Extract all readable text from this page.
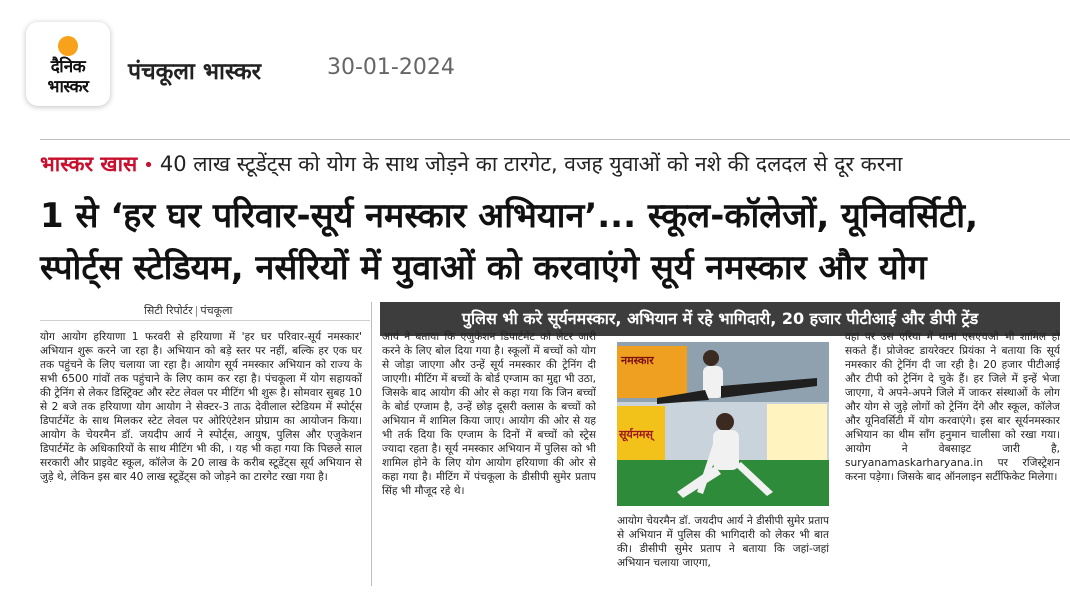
दैनिक
भास्कर
पंचकूला भास्कर	30-01-2024
भास्कर खास • 40 लाख स्टूडेंट्स को योग के साथ जोड़ने का टारगेट, वजह युवाओं को नशे की दलदल से दूर करना
1 से ‘हर घर परिवार-सूर्य नमस्कार अभियान’... स्कूल-कॉलेजों, यूनिवर्सिटी,
स्पोर्ट्स स्टेडियम, नर्सरियों में युवाओं को करवाएंगे सूर्य नमस्कार और योग
सिटी रिपोर्टर | पंचकूला
योग आयोग हरियाणा 1 फरवरी से हरियाणा में 'हर घर परिवार-सूर्य नमस्कार' अभियान शुरू करने जा रहा है। अभियान को बड़े स्तर पर नहीं, बल्कि हर एक घर तक पहुंचने के लिए चलाया जा रहा है। आयोग सूर्य नमस्कार अभियान को राज्य के सभी 6500 गांवों तक पहुंचाने के लिए काम कर रहा है। पंचकूला में योग सहायकों की ट्रेनिंग से लेकर डिस्ट्रिक्ट और स्टेट लेवल पर मीटिंग भी शुरू है। सोमवार सुबह 10 से 2 बजे तक हरियाणा योग आयोग ने सेक्टर-3 ताऊ देवीलाल स्टेडियम में स्पोर्ट्स डिपार्टमेंट के साथ मिलकर स्टेट लेवल पर ओरिएंटेशन प्रोग्राम का आयोजन किया। आयोग के चेयरमैन डॉ. जयदीप आर्य ने स्पोर्ट्स, आयुष, पुलिस और एजुकेशन डिपार्टमेंट के अधिकारियों के साथ मीटिंग भी की, । यह भी कहा गया कि पिछले साल सरकारी और प्राइवेट स्कूल, कॉलेज के 20 लाख के करीब स्टूडेंट्स सूर्य अभियान से जुड़े थे, लेकिन इस बार 40 लाख स्टूडेंट्स को जोड़ने का टारगेट रखा गया है।
पुलिस भी करे सूर्यनमस्कार, अभियान में रहे भागिदारी, 20 हजार पीटीआई और डीपी ट्रेंड
आर्य ने बताया कि एजुकेशन डिपार्टमेंट को लेटर जारी करने के लिए बोल दिया गया है। स्कूलों में बच्चों को योग से जोड़ा जाएगा और उन्हें सूर्य नमस्कार की ट्रेनिंग दी जाएगी। मीटिंग में बच्चों के बोर्ड एग्जाम का मुद्दा भी उठा, जिसके बाद आयोग की ओर से कहा गया कि जिन बच्चों के बोर्ड एग्जाम है, उन्हें छोड़ दूसरी क्लास के बच्चों को अभियान में शामिल किया जाए। आयोग की ओर से यह भी तर्क दिया कि एग्जाम के दिनों में बच्चों को स्ट्रेस ज्यादा रहता है। सूर्य नमस्कार अभियान में पुलिस को भी शामिल होने के लिए योग आयोग हरियाणा की ओर से कहा गया है। मीटिंग में पंचकूला के डीसीपी सुमेर प्रताप सिंह भी मौजूद रहे थे।
नमस्कार
सूर्यनमस्
आयोग चेयरमैन डॉ. जयदीप आर्य ने डीसीपी सुमेर प्रताप से अभियान में पुलिस की भागिदारी को लेकर भी बात की। डीसीपी सुमेर प्रताप ने बताया कि जहां-जहां अभियान चलाया जाएगा,
वहां पर उस एरिया में थाना एसएचओ भी शामिल हो सकते हैं। प्रोजेक्ट डायरेक्टर प्रियंका ने बताया कि सूर्य नमस्कार की ट्रेनिंग दी जा रही है। 20 हजार पीटीआई और टीपी को ट्रेनिंग दे चुके हैं। हर जिले में इन्हें भेजा जाएगा, ये अपने-अपने जिले में जाकर संस्थाओं के लोग और योग से जुड़े लोगों को ट्रेनिंग देंगे और स्कूल, कॉलेज और यूनिवर्सिटी में योग करवाएंगे। इस बार सूर्यनमस्कार अभियान का थीम सॉंग हनुमान चालीसा को रखा गया। आयोग ने वेबसाइट जारी है, suryanamaskarharyana.in पर रजिस्ट्रेशन करना पड़ेगा। जिसके बाद ऑनलाइन सर्टीफिकेट मिलेगा।
